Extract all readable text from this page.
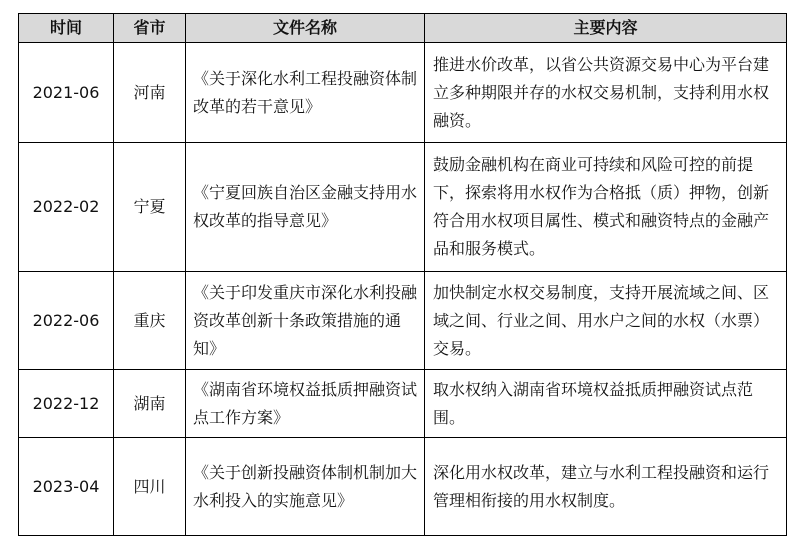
时间	省市	文件名称	主要内容
2021-06	河南	《关于深化水利工程投融资体制改革的若干意见》	推进水价改革，以省公共资源交易中心为平台建立多种期限并存的水权交易机制，支持利用水权融资。
2022-02	宁夏	《宁夏回族自治区金融支持用水权改革的指导意见》	鼓励金融机构在商业可持续和风险可控的前提下，探索将用水权作为合格抵（质）押物，创新符合用水权项目属性、模式和融资特点的金融产品和服务模式。
2022-06	重庆	《关于印发重庆市深化水利投融资改革创新十条政策措施的通知》	加快制定水权交易制度，支持开展流域之间、区域之间、行业之间、用水户之间的水权（水票）交易。
2022-12	湖南	《湖南省环境权益抵质押融资试点工作方案》	取水权纳入湖南省环境权益抵质押融资试点范围。
2023-04	四川	《关于创新投融资体制机制加大水利投入的实施意见》	深化用水权改革，建立与水利工程投融资和运行管理相衔接的用水权制度。
